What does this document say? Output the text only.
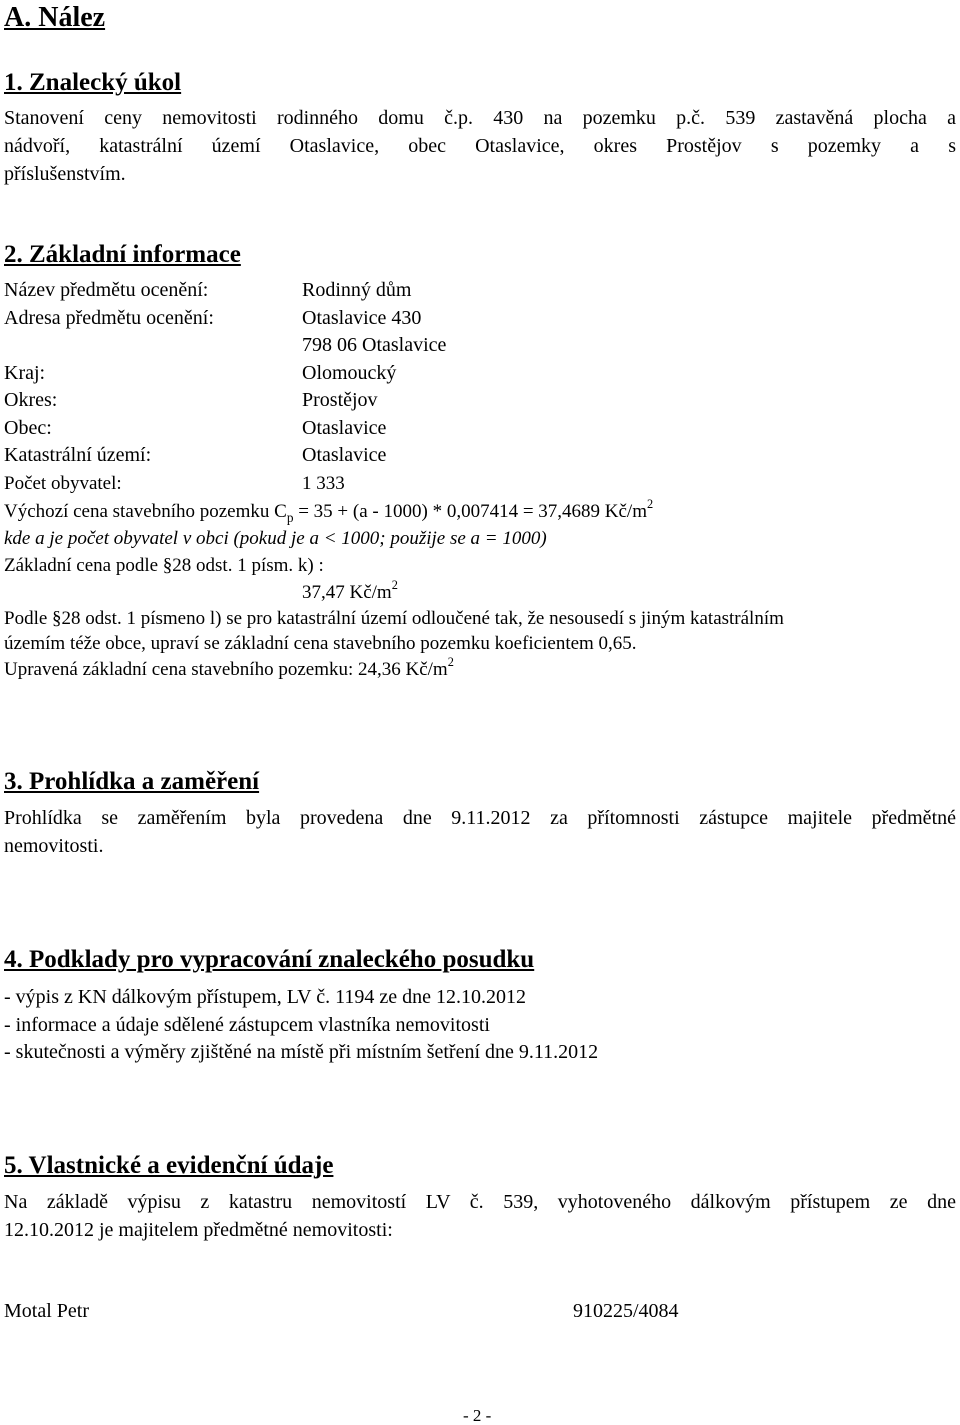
A. Nález
1. Znalecký úkol
Stanovení ceny nemovitosti rodinného domu č.p. 430 na pozemku p.č. 539 zastavěná plocha a
nádvoří, katastrální území Otaslavice, obec Otaslavice, okres Prostějov s pozemky a s
příslušenstvím.
2. Základní informace
Název předmětu ocenění:	Rodinný dům
Adresa předmětu ocenění:	Otaslavice 430
798 06 Otaslavice
Kraj:	Olomoucký
Okres:	Prostějov
Obec:	Otaslavice
Katastrální území:	Otaslavice
Počet obyvatel:	1 333
Výchozí cena stavebního pozemku $C_p = 35 + (a - 1000) * 0,007414 = 37,4689$ $Kč/m^2$
kde a je počet obyvatel v obci (pokud je a < 1000; použije se a = 1000)
Základní cena podle §28 odst. 1 písm. k) :
37,47 $Kč/m^2$
Podle §28 odst. 1 písmeno l) se pro katastrální území odloučené tak, že nesousedí s jiným katastrálním
územím téže obce, upraví se základní cena stavebního pozemku koeficientem 0,65.
Upravená základní cena stavebního pozemku: 24,36 $Kč/m^2$
3. Prohlídka a zaměření
Prohlídka se zaměřením byla provedena dne 9.11.2012 za přítomnosti zástupce majitele předmětné
nemovitosti.
4. Podklady pro vypracování znaleckého posudku
- výpis z KN dálkovým přístupem, LV č. 1194 ze dne 12.10.2012
- informace a údaje sdělené zástupcem vlastníka nemovitosti
- skutečnosti a výměry zjištěné na místě při místním šetření dne 9.11.2012
5. Vlastnické a evidenční údaje
Na základě výpisu z katastru nemovitostí LV č. 539, vyhotoveného dálkovým přístupem ze dne
12.10.2012 je majitelem předmětné nemovitosti:
Motal Petr	910225/4084
- 2 -
